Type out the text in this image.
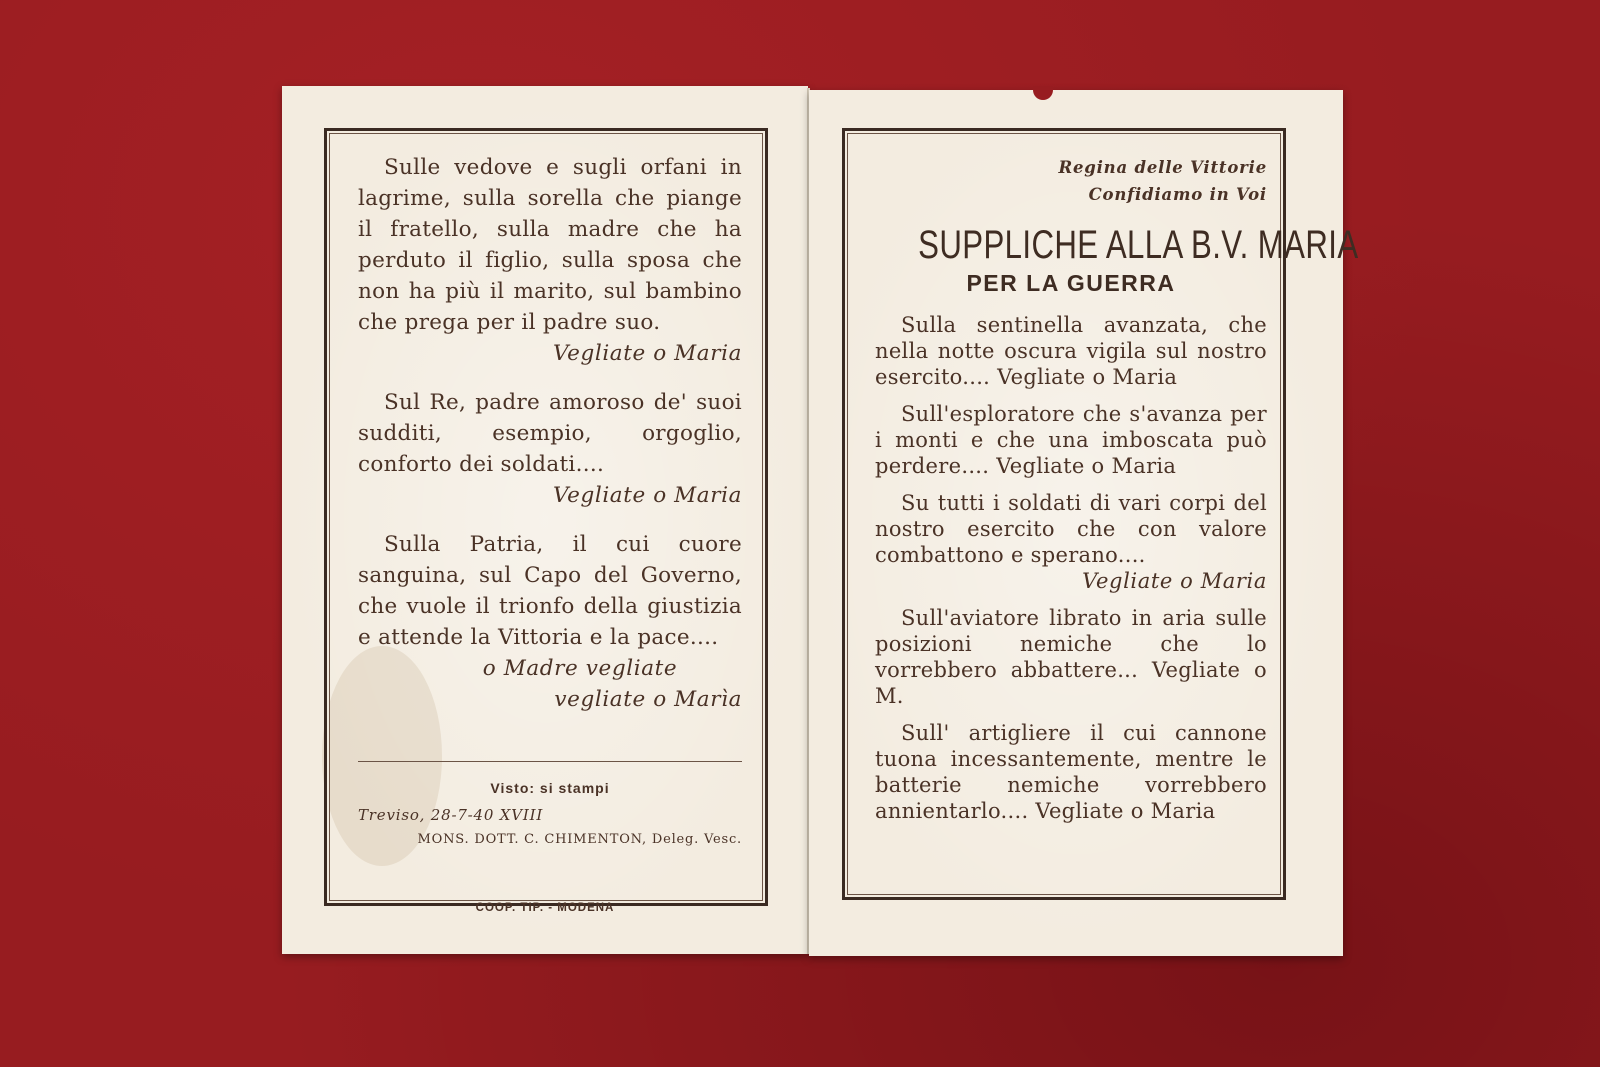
Sulle vedove e sugli orfani in lagrime, sulla sorella che piange il fratello, sulla madre che ha perduto il figlio, sulla sposa che non ha più il marito, sul bambino che prega per il padre suo.

Vegliate o Maria

Sul Re, padre amoroso de' suoi sudditi, esempio, orgoglio, conforto dei soldati....

Vegliate o Maria

Sulla Patria, il cui cuore sanguina, sul Capo del Governo, che vuole il trionfo della giustizia e attende la Vittoria e la pace....

o Madre vegliate

vegliate o Marìa

Visto: si stampi

Treviso, 28-7-40 XVIII

MONS. DOTT. C. CHIMENTON, Deleg. Vesc.

COOP. TIP. - MODENA

Regina delle Vittorie

Confidiamo in Voi

SUPPLICHE ALLA B.V. MARIA
PER LA GUERRA

Sulla sentinella avanzata, che nella notte oscura vigila sul nostro esercito.... Vegliate o Maria

Sull'esploratore che s'avanza per i monti e che una imboscata può perdere.... Vegliate o Maria

Su tutti i soldati di vari corpi del nostro esercito che con valore combattono e sperano....

Vegliate o Maria

Sull'aviatore librato in aria sulle posizioni nemiche che lo vorrebbero abbattere... Vegliate o M.

Sull' artigliere il cui cannone tuona incessantemente, mentre le batterie nemiche vorrebbero annientarlo.... Vegliate o Maria
